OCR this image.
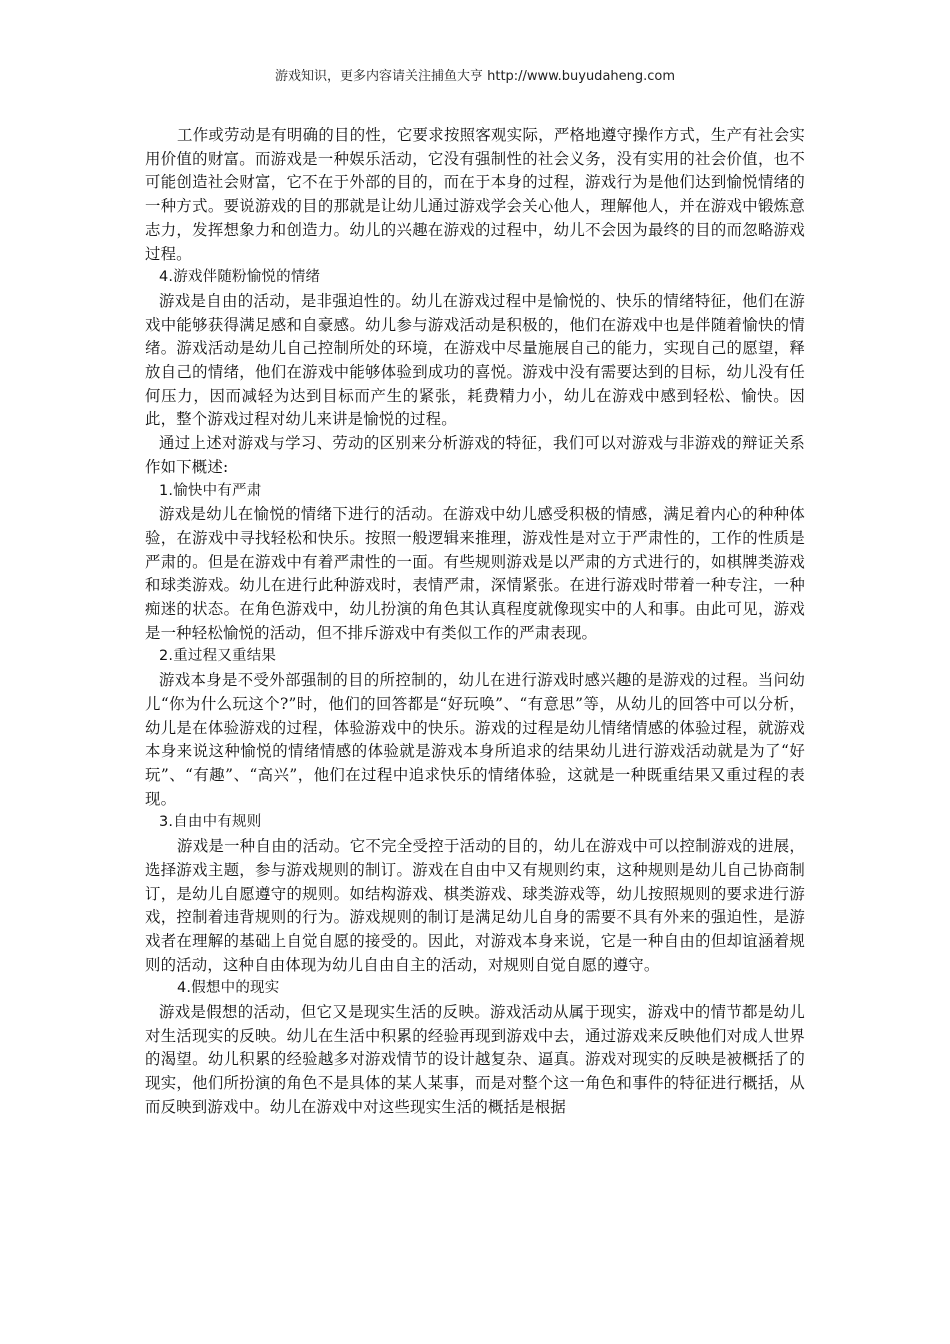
游戏知识，更多内容请关注捕鱼大亨 http://www.buyudaheng.com

工作或劳动是有明确的目的性，它要求按照客观实际，严格地遵守操作方式，生产有社会实用价值的财富。而游戏是一种娱乐活动，它没有强制性的社会义务，没有实用的社会价值，也不可能创造社会财富，它不在于外部的目的，而在于本身的过程，游戏行为是他们达到愉悦情绪的一种方式。要说游戏的目的那就是让幼儿通过游戏学会关心他人，理解他人，并在游戏中锻炼意志力，发挥想象力和创造力。幼儿的兴趣在游戏的过程中，幼儿不会因为最终的目的而忽略游戏过程。

4.游戏伴随粉愉悦的情绪

游戏是自由的活动，是非强迫性的。幼儿在游戏过程中是愉悦的、快乐的情绪特征，他们在游戏中能够获得满足感和自豪感。幼儿参与游戏活动是积极的，他们在游戏中也是伴随着愉快的情绪。游戏活动是幼儿自己控制所处的环境，在游戏中尽量施展自己的能力，实现自己的愿望，释放自己的情绪，他们在游戏中能够体验到成功的喜悦。游戏中没有需要达到的目标，幼儿没有任何压力，因而减轻为达到目标而产生的紧张，耗费精力小，幼儿在游戏中感到轻松、愉快。因此，整个游戏过程对幼儿来讲是愉悦的过程。

通过上述对游戏与学习、劳动的区别来分析游戏的特征，我们可以对游戏与非游戏的辩证关系作如下概述:

1.愉快中有严肃

游戏是幼儿在愉悦的情绪下进行的活动。在游戏中幼儿感受积极的情感，满足着内心的种种体验，在游戏中寻找轻松和快乐。按照一般逻辑来推理，游戏性是对立于严肃性的，工作的性质是严肃的。但是在游戏中有着严肃性的一面。有些规则游戏是以严肃的方式进行的，如棋牌类游戏和球类游戏。幼儿在进行此种游戏时，表情严肃，深情紧张。在进行游戏时带着一种专注，一种痴迷的状态。在角色游戏中，幼儿扮演的角色其认真程度就像现实中的人和事。由此可见，游戏是一种轻松愉悦的活动，但不排斥游戏中有类似工作的严肃表现。

2.重过程又重结果

游戏本身是不受外部强制的目的所控制的，幼儿在进行游戏时感兴趣的是游戏的过程。当问幼儿“你为什么玩这个?”时，他们的回答都是“好玩唤”、“有意思”等，从幼儿的回答中可以分析，幼儿是在体验游戏的过程，体验游戏中的快乐。游戏的过程是幼儿情绪情感的体验过程，就游戏本身来说这种愉悦的情绪情感的体验就是游戏本身所追求的结果幼儿进行游戏活动就是为了“好玩”、“有趣”、“高兴”，他们在过程中追求快乐的情绪体验，这就是一种既重结果又重过程的表现。

3.自由中有规则

游戏是一种自由的活动。它不完全受控于活动的目的，幼儿在游戏中可以控制游戏的进展，选择游戏主题，参与游戏规则的制订。游戏在自由中又有规则约束，这种规则是幼儿自己协商制订，是幼儿自愿遵守的规则。如结构游戏、棋类游戏、球类游戏等，幼儿按照规则的要求进行游戏，控制着违背规则的行为。游戏规则的制订是满足幼儿自身的需要不具有外来的强迫性，是游戏者在理解的基础上自觉自愿的接受的。因此，对游戏本身来说，它是一种自由的但却谊涵着规则的活动，这种自由体现为幼儿自由自主的活动，对规则自觉自愿的遵守。

4.假想中的现实

游戏是假想的活动，但它又是现实生活的反映。游戏活动从属于现实，游戏中的情节都是幼儿对生活现实的反映。幼儿在生活中积累的经验再现到游戏中去，通过游戏来反映他们对成人世界的渴望。幼儿积累的经验越多对游戏情节的设计越复杂、逼真。游戏对现实的反映是被概括了的现实，他们所扮演的角色不是具体的某人某事，而是对整个这一角色和事件的特征进行概括，从而反映到游戏中。幼儿在游戏中对这些现实生活的概括是根据
